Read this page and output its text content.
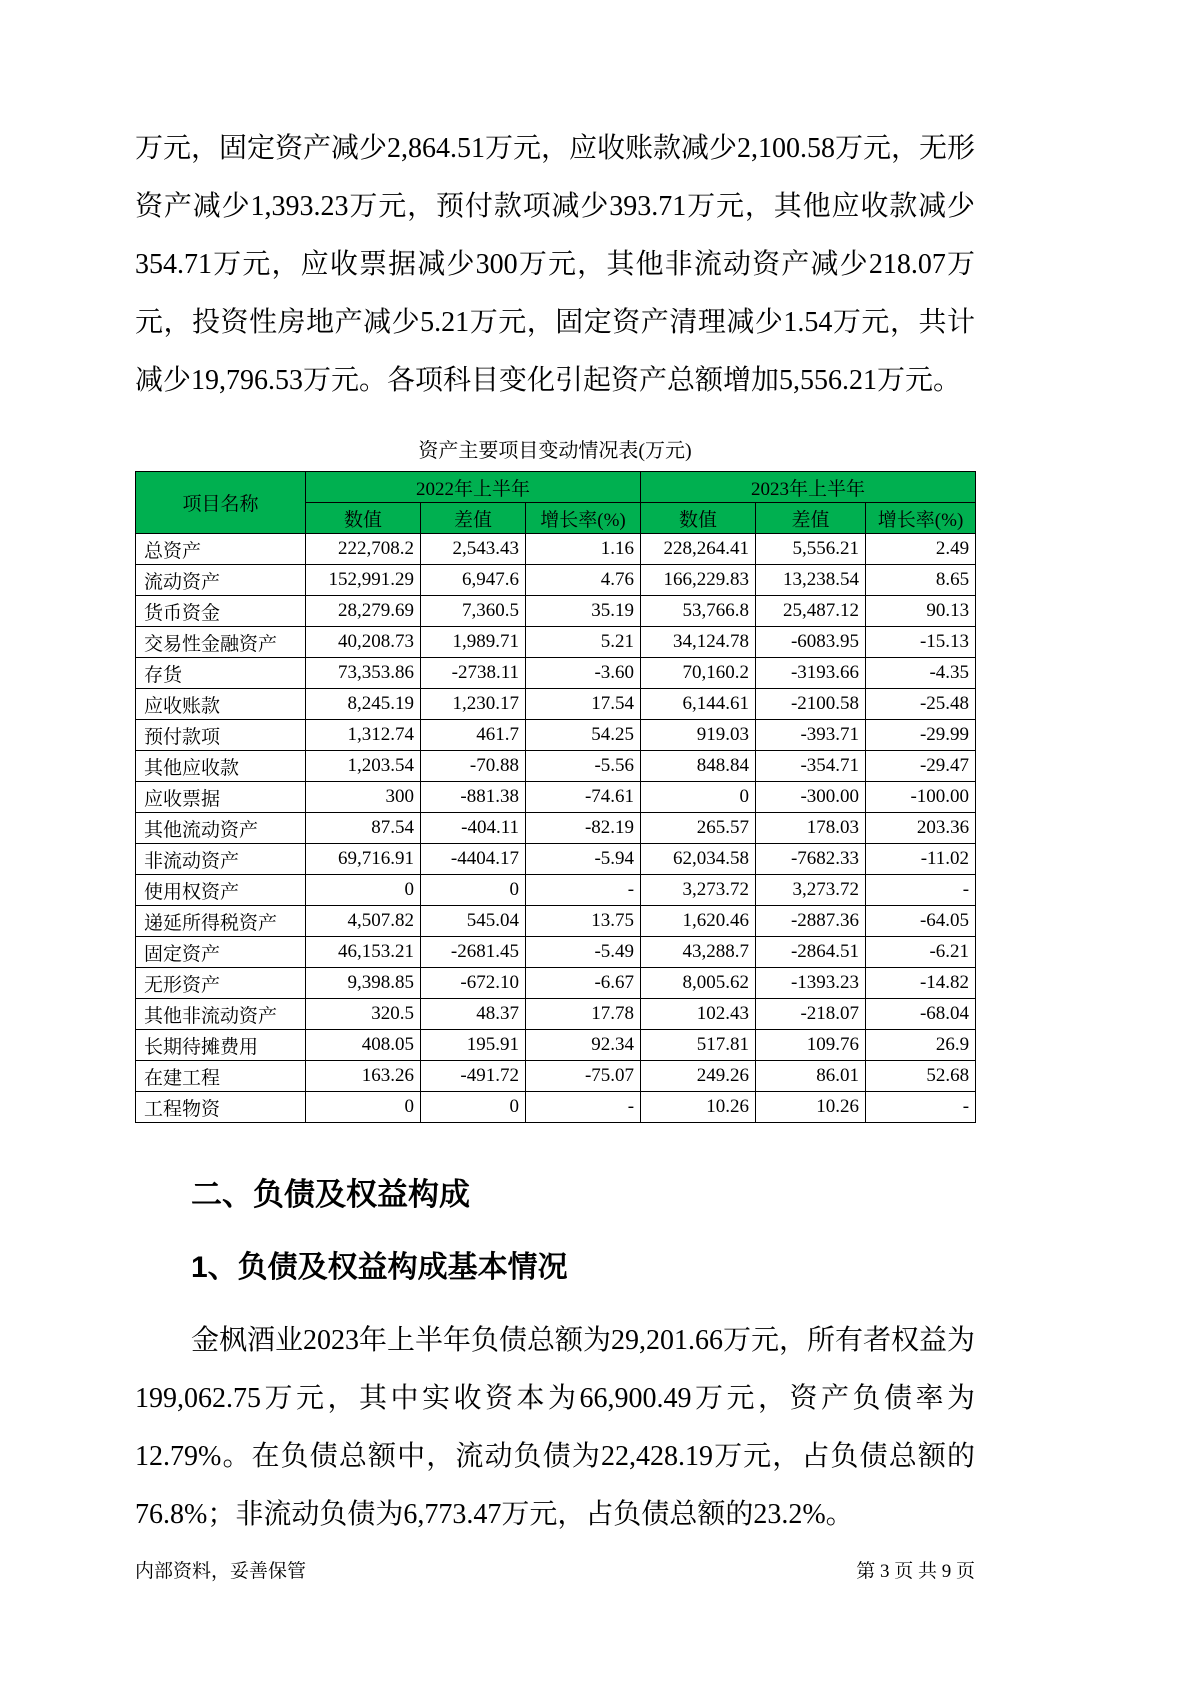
万元，固定资产减少2,864.51万元，应收账款减少2,100.58万元，无形资产减少1,393.23万元，预付款项减少393.71万元，其他应收款减少354.71万元，应收票据减少300万元，其他非流动资产减少218.07万元，投资性房地产减少5.21万元，固定资产清理减少1.54万元，共计减少19,796.53万元。各项科目变化引起资产总额增加5,556.21万元。

资产主要项目变动情况表(万元)
项目名称	2022年上半年			2023年上半年		
	数值	差值	增长率(%)	数值	差值	增长率(%)
总资产	222,708.2	2,543.43	1.16	228,264.41	5,556.21	2.49
流动资产	152,991.29	6,947.6	4.76	166,229.83	13,238.54	8.65
货币资金	28,279.69	7,360.5	35.19	53,766.8	25,487.12	90.13
交易性金融资产	40,208.73	1,989.71	5.21	34,124.78	-6083.95	-15.13
存货	73,353.86	-2738.11	-3.60	70,160.2	-3193.66	-4.35
应收账款	8,245.19	1,230.17	17.54	6,144.61	-2100.58	-25.48
预付款项	1,312.74	461.7	54.25	919.03	-393.71	-29.99
其他应收款	1,203.54	-70.88	-5.56	848.84	-354.71	-29.47
应收票据	300	-881.38	-74.61	0	-300.00	-100.00
其他流动资产	87.54	-404.11	-82.19	265.57	178.03	203.36
非流动资产	69,716.91	-4404.17	-5.94	62,034.58	-7682.33	-11.02
使用权资产	0	0	-	3,273.72	3,273.72	-
递延所得税资产	4,507.82	545.04	13.75	1,620.46	-2887.36	-64.05
固定资产	46,153.21	-2681.45	-5.49	43,288.7	-2864.51	-6.21
无形资产	9,398.85	-672.10	-6.67	8,005.62	-1393.23	-14.82
其他非流动资产	320.5	48.37	17.78	102.43	-218.07	-68.04
长期待摊费用	408.05	195.91	92.34	517.81	109.76	26.9
在建工程	163.26	-491.72	-75.07	249.26	86.01	52.68
工程物资	0	0	-	10.26	10.26	-
二、负债及权益构成
1、负债及权益构成基本情况

金枫酒业2023年上半年负债总额为29,201.66万元，所有者权益为199,062.75万元，其中实收资本为66,900.49万元，资产负债率为12.79%。在负债总额中，流动负债为22,428.19万元，占负债总额的76.8%；非流动负债为6,773.47万元，占负债总额的23.2%。

内部资料，妥善保管	第 3 页 共 9 页
